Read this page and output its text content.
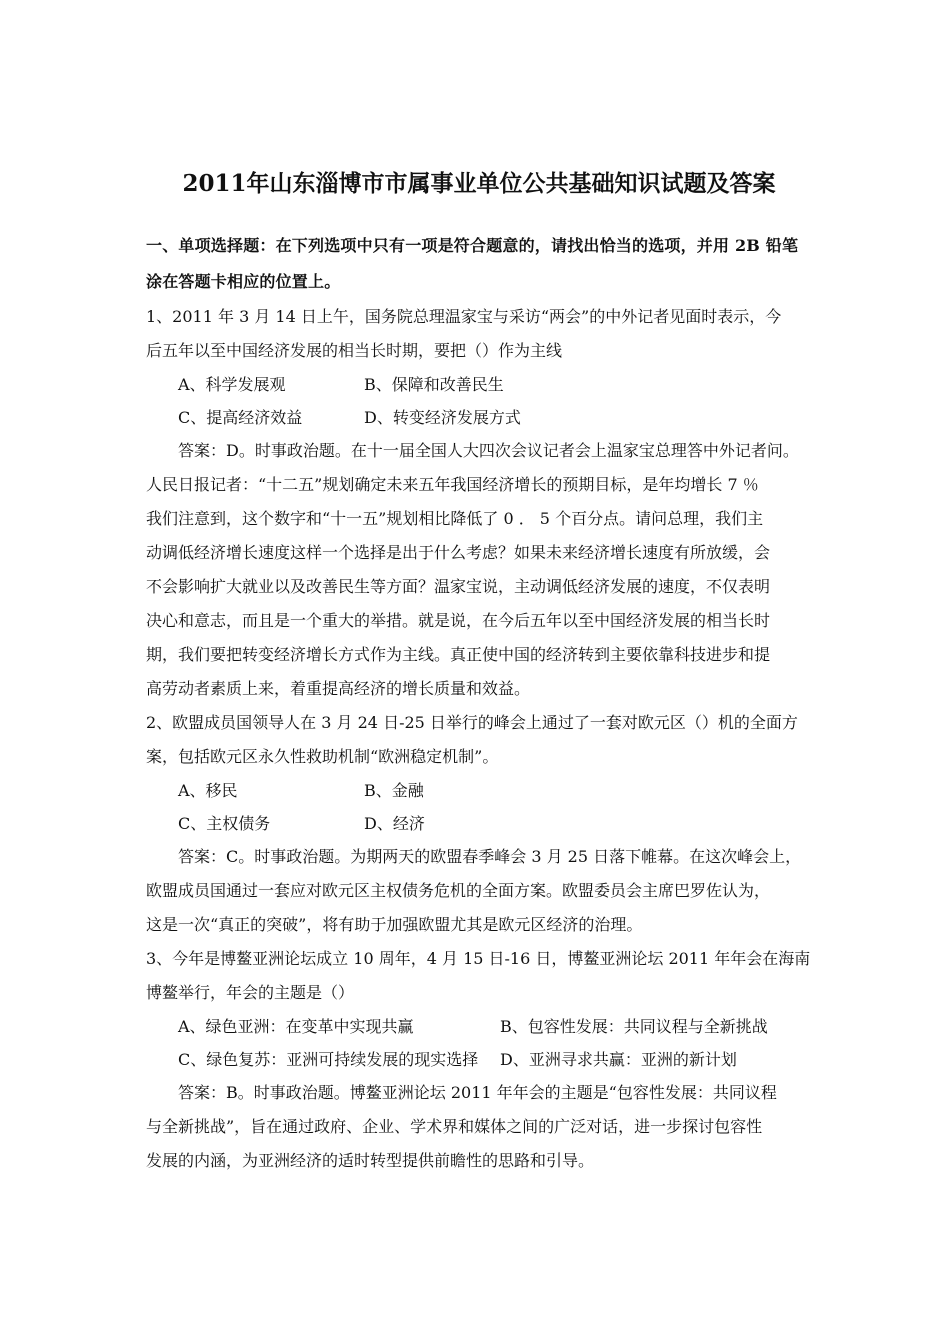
2011年山东淄博市市属事业单位公共基础知识试题及答案
一、单项选择题：在下列选项中只有一项是符合题意的，请找出恰当的选项，并用 2B 铅笔
涂在答题卡相应的位置上。
1、2011 年 3 月 14 日上午，国务院总理温家宝与采访“两会”的中外记者见面时表示，今
后五年以至中国经济发展的相当长时期，要把（）作为主线
A、科学发展观	B、保障和改善民生
C、提高经济效益	D、转变经济发展方式
答案：D。时事政治题。在十一届全国人大四次会议记者会上温家宝总理答中外记者问。
人民日报记者：“十二五”规划确定未来五年我国经济增长的预期目标，是年均增长 7 ％
我们注意到，这个数字和“十一五”规划相比降低了 0 ． 5 个百分点。请问总理，我们主
动调低经济增长速度这样一个选择是出于什么考虑？如果未来经济增长速度有所放缓，会
不会影响扩大就业以及改善民生等方面？温家宝说，主动调低经济发展的速度，不仅表明
决心和意志，而且是一个重大的举措。就是说，在今后五年以至中国经济发展的相当长时
期，我们要把转变经济增长方式作为主线。真正使中国的经济转到主要依靠科技进步和提
高劳动者素质上来，着重提高经济的增长质量和效益。
2、欧盟成员国领导人在 3 月 24 日-25 日举行的峰会上通过了一套对欧元区（）机的全面方
案，包括欧元区永久性救助机制“欧洲稳定机制”。
A、移民	B、金融
C、主权债务	D、经济
答案：C。时事政治题。为期两天的欧盟春季峰会 3 月 25 日落下帷幕。在这次峰会上，
欧盟成员国通过一套应对欧元区主权债务危机的全面方案。欧盟委员会主席巴罗佐认为，
这是一次“真正的突破”，将有助于加强欧盟尤其是欧元区经济的治理。
3、今年是博鳌亚洲论坛成立 10 周年，4 月 15 日-16 日，博鳌亚洲论坛 2011 年年会在海南
博鳌举行，年会的主题是（）
A、绿色亚洲：在变革中实现共赢	B、包容性发展：共同议程与全新挑战
C、绿色复苏：亚洲可持续发展的现实选择	D、亚洲寻求共赢：亚洲的新计划
答案：B。时事政治题。博鳌亚洲论坛 2011 年年会的主题是“包容性发展：共同议程
与全新挑战”，旨在通过政府、企业、学术界和媒体之间的广泛对话，进一步探讨包容性
发展的内涵，为亚洲经济的适时转型提供前瞻性的思路和引导。
